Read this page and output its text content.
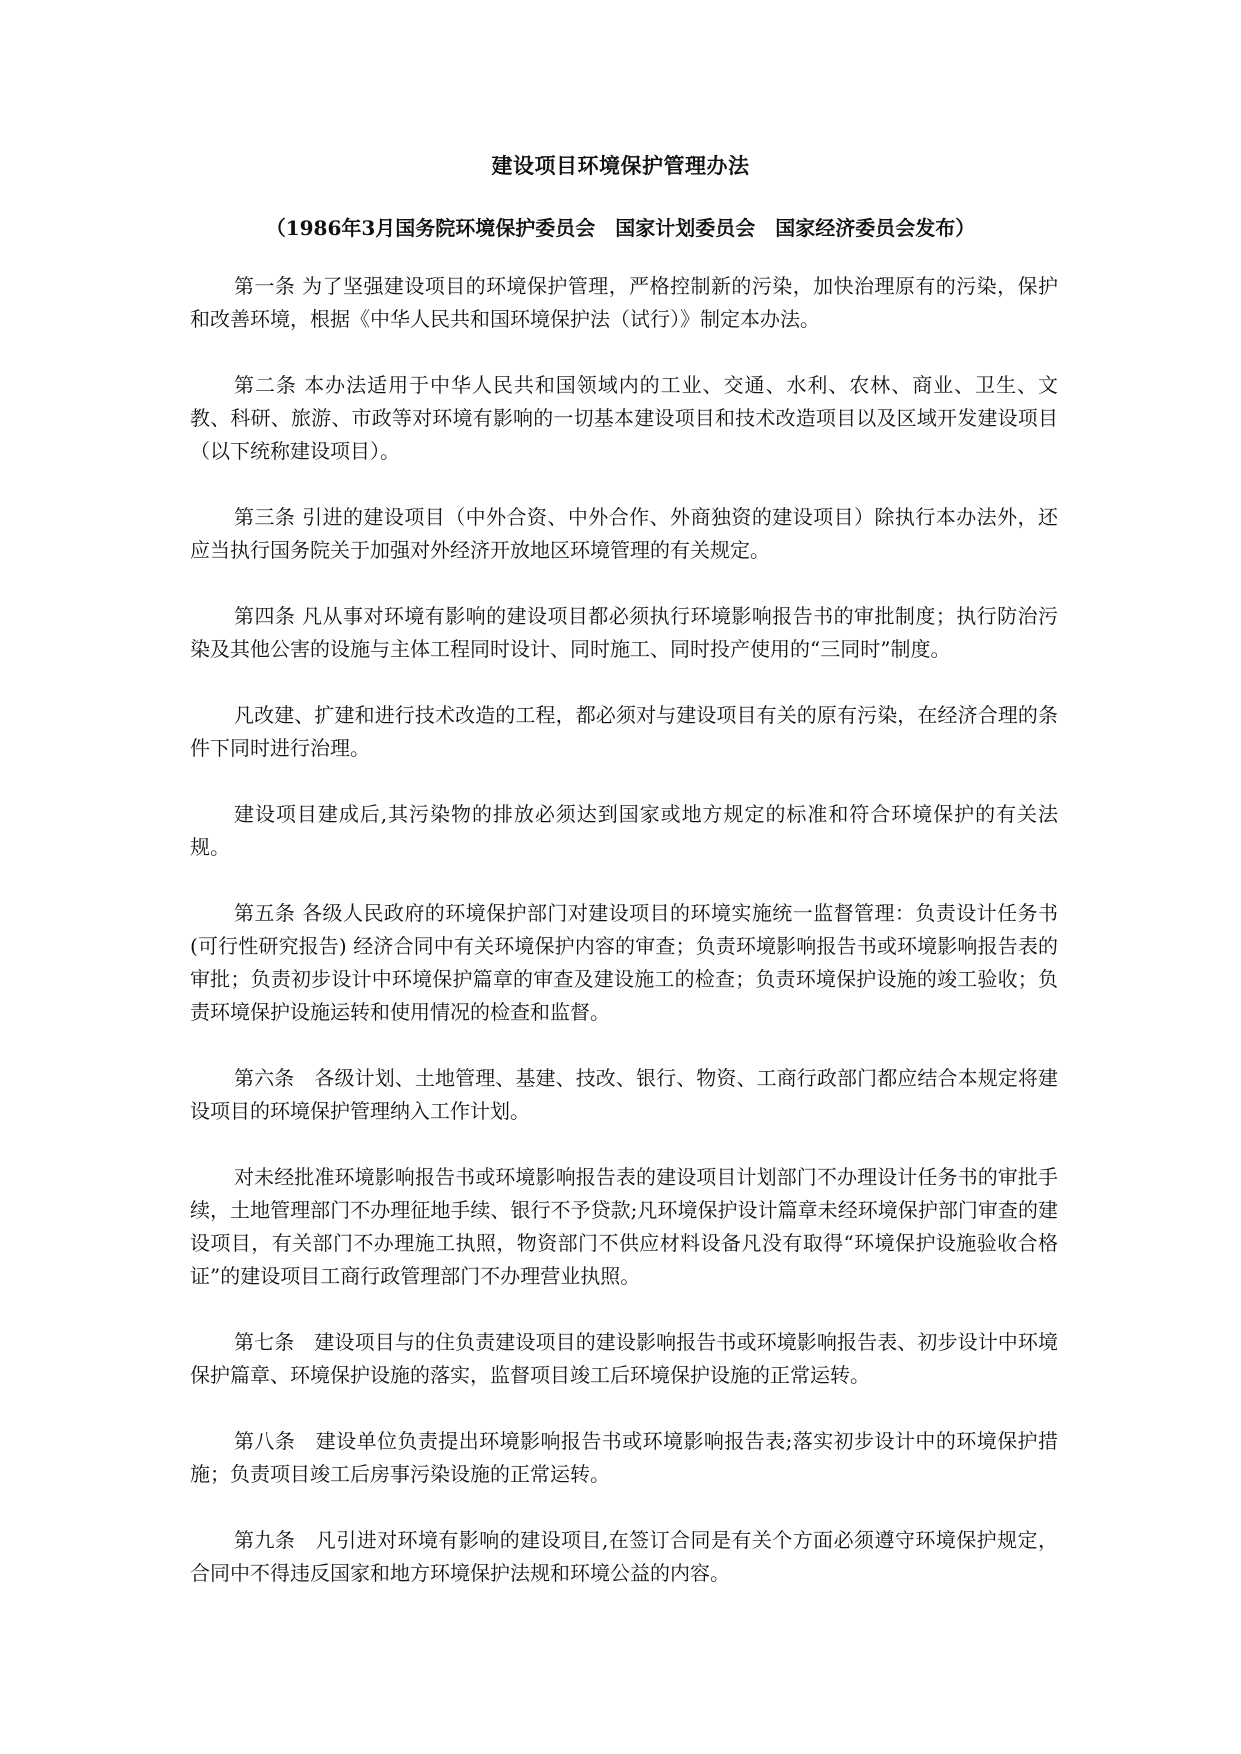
建设项目环境保护管理办法
（1986年3月国务院环境保护委员会　国家计划委员会　国家经济委员会发布）

第一条 为了坚强建设项目的环境保护管理，严格控制新的污染，加快治理原有的污染，保护和改善环境，根据《中华人民共和国环境保护法（试行）》制定本办法。

第二条 本办法适用于中华人民共和国领域内的工业、交通、水利、农林、商业、卫生、文教、科研、旅游、市政等对环境有影响的一切基本建设项目和技术改造项目以及区域开发建设项目（以下统称建设项目）。

第三条 引进的建设项目（中外合资、中外合作、外商独资的建设项目）除执行本办法外，还应当执行国务院关于加强对外经济开放地区环境管理的有关规定。

第四条 凡从事对环境有影响的建设项目都必须执行环境影响报告书的审批制度；执行防治污染及其他公害的设施与主体工程同时设计、同时施工、同时投产使用的“三同时”制度。

凡改建、扩建和进行技术改造的工程，都必须对与建设项目有关的原有污染，在经济合理的条件下同时进行治理。

建设项目建成后,其污染物的排放必须达到国家或地方规定的标准和符合环境保护的有关法规。

第五条 各级人民政府的环境保护部门对建设项目的环境实施统一监督管理：负责设计任务书(可行性研究报告) 经济合同中有关环境保护内容的审查；负责环境影响报告书或环境影响报告表的审批；负责初步设计中环境保护篇章的审查及建设施工的检查；负责环境保护设施的竣工验收；负责环境保护设施运转和使用情况的检查和监督。

第六条　各级计划、土地管理、基建、技改、银行、物资、工商行政部门都应结合本规定将建设项目的环境保护管理纳入工作计划。

对未经批准环境影响报告书或环境影响报告表的建设项目计划部门不办理设计任务书的审批手续，土地管理部门不办理征地手续、银行不予贷款;凡环境保护设计篇章未经环境保护部门审查的建设项目，有关部门不办理施工执照，物资部门不供应材料设备凡没有取得“环境保护设施验收合格证”的建设项目工商行政管理部门不办理营业执照。

第七条　建设项目与的住负责建设项目的建设影响报告书或环境影响报告表、初步设计中环境保护篇章、环境保护设施的落实，监督项目竣工后环境保护设施的正常运转。

第八条　建设单位负责提出环境影响报告书或环境影响报告表;落实初步设计中的环境保护措施；负责项目竣工后房事污染设施的正常运转。

第九条　凡引进对环境有影响的建设项目,在签订合同是有关个方面必须遵守环境保护规定，合同中不得违反国家和地方环境保护法规和环境公益的内容。
